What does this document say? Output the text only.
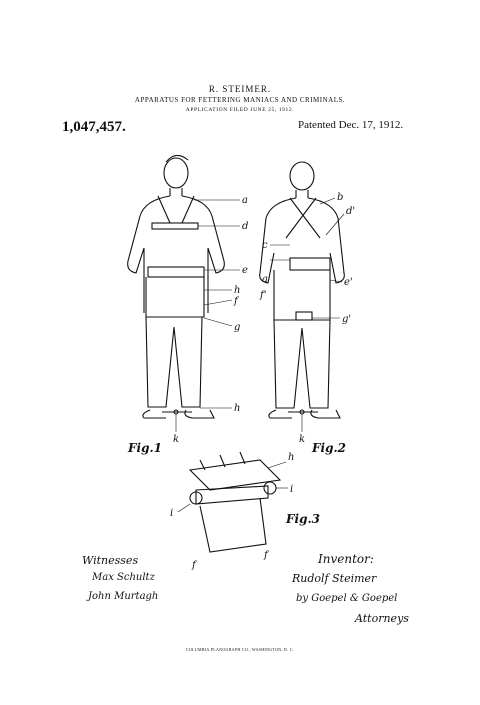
R. STEIMER.
APPARATUS FOR FETTERING MANIACS AND CRIMINALS.
APPLICATION FILED JUNE 25, 1912.
1,047,457.	Patented Dec. 17, 1912.
a
d
e
h
f
g
h
k	k
b
d'
c
a	e'
f'
g'
h
i
i
f
f
Fig.1	Fig.2
Fig.3
Witnesses
Max Schultz
John Murtagh
Inventor:
Rudolf Steimer
by Goepel & Goepel
Attorneys
COLUMBIA PLANOGRAPH CO., WASHINGTON, D. C.
